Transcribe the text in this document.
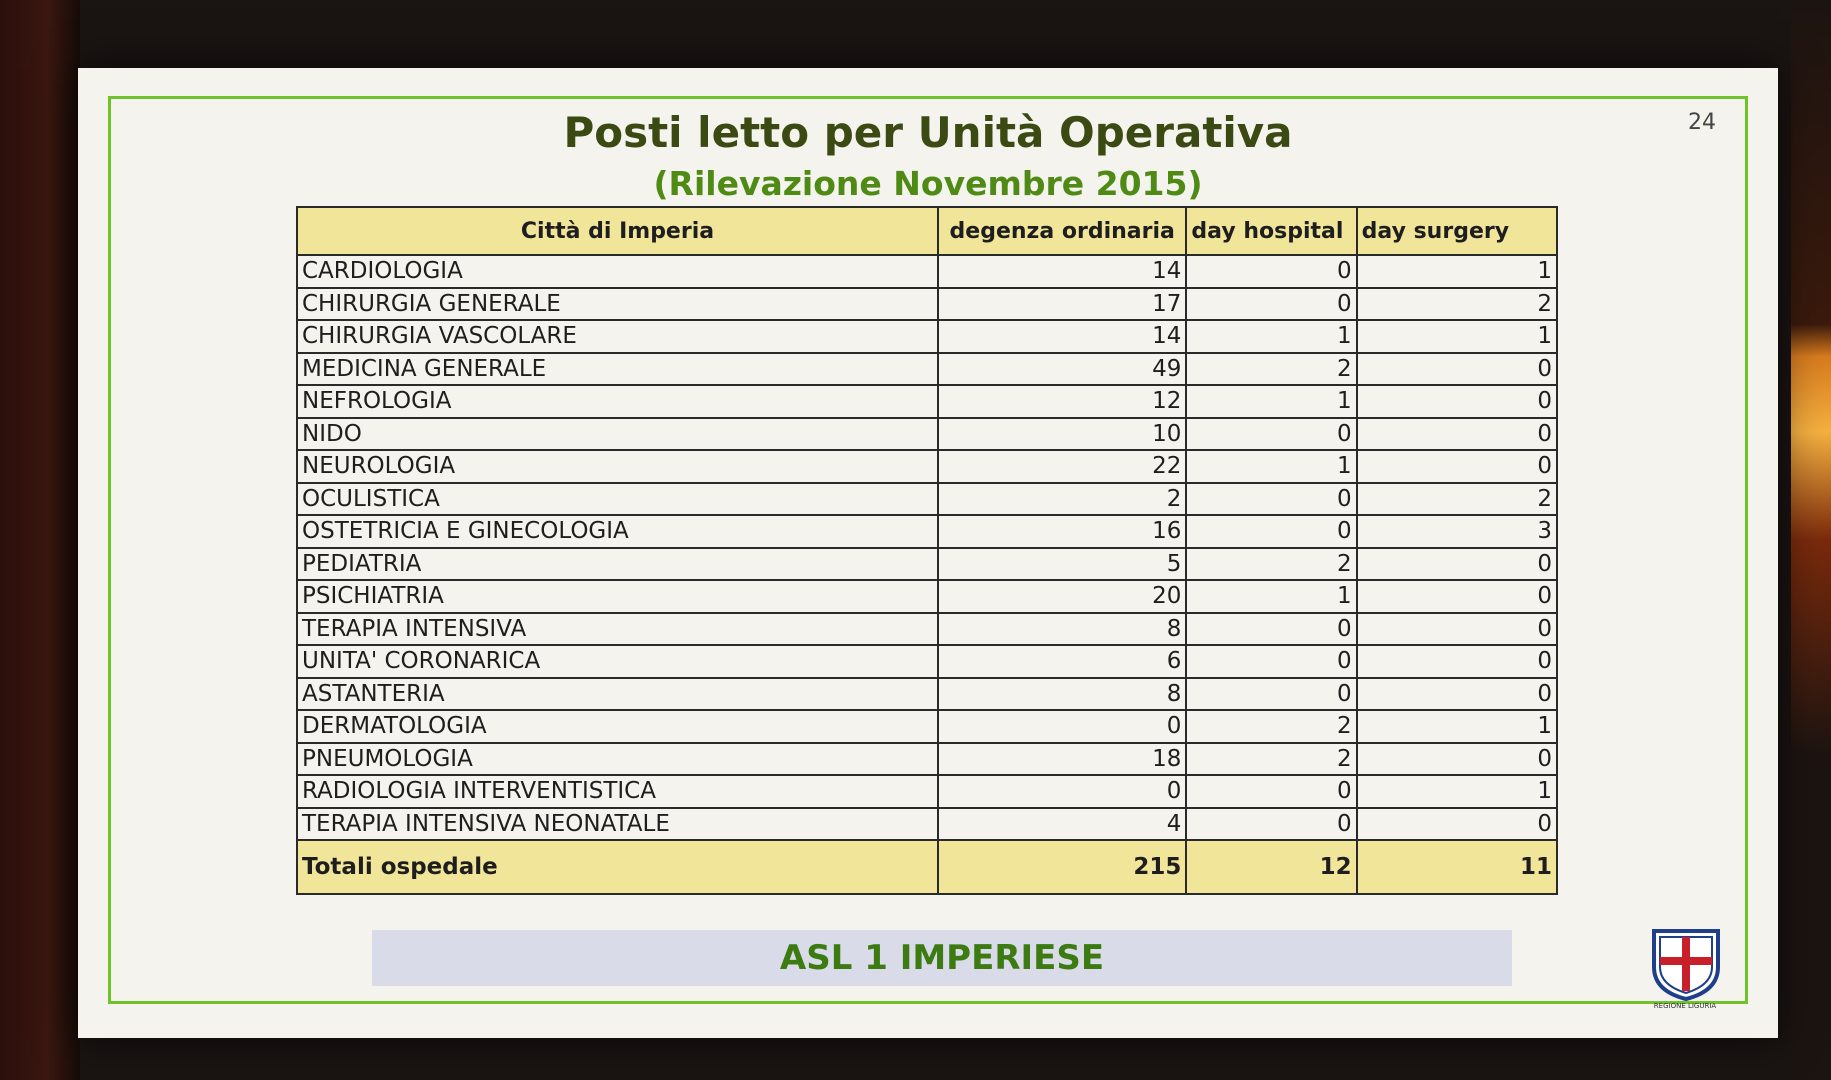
24
Posti letto per Unità Operativa
(Rilevazione Novembre 2015)
Città di Imperia	degenza ordinaria	day hospital	day surgery
CARDIOLOGIA	14	0	1
CHIRURGIA GENERALE	17	0	2
CHIRURGIA VASCOLARE	14	1	1
MEDICINA GENERALE	49	2	0
NEFROLOGIA	12	1	0
NIDO	10	0	0
NEUROLOGIA	22	1	0
OCULISTICA	2	0	2
OSTETRICIA E GINECOLOGIA	16	0	3
PEDIATRIA	5	2	0
PSICHIATRIA	20	1	0
TERAPIA INTENSIVA	8	0	0
UNITA' CORONARICA	6	0	0
ASTANTERIA	8	0	0
DERMATOLOGIA	0	2	1
PNEUMOLOGIA	18	2	0
RADIOLOGIA INTERVENTISTICA	0	0	1
TERAPIA INTENSIVA NEONATALE	4	0	0
Totali ospedale	215	12	11
ASL 1 IMPERIESE
REGIONE LIGURIA
